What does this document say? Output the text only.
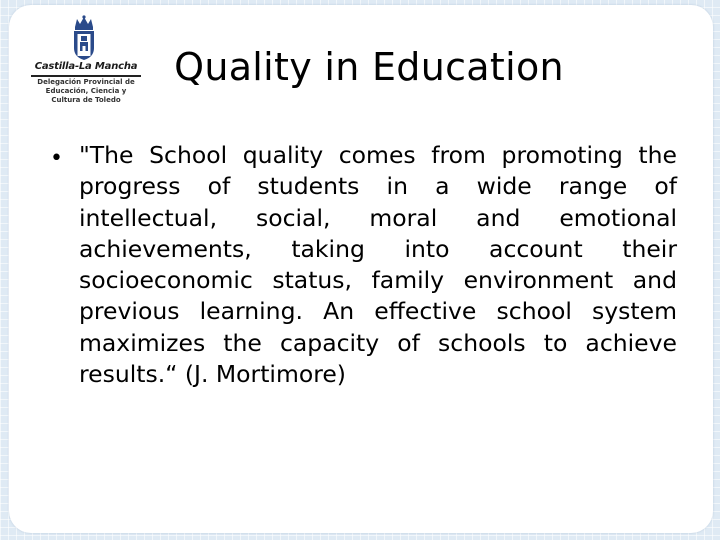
Castilla-La Mancha
Delegación Provincial de Educación, Ciencia y Cultura de Toledo
Quality in Education
• "The School quality comes from promoting the progress of students in a wide range of intellectual, social, moral and emotional achievements, taking into account their socioeconomic status, family environment and previous learning. An effective school system maximizes the capacity of schools to achieve results.“ (J. Mortimore)
